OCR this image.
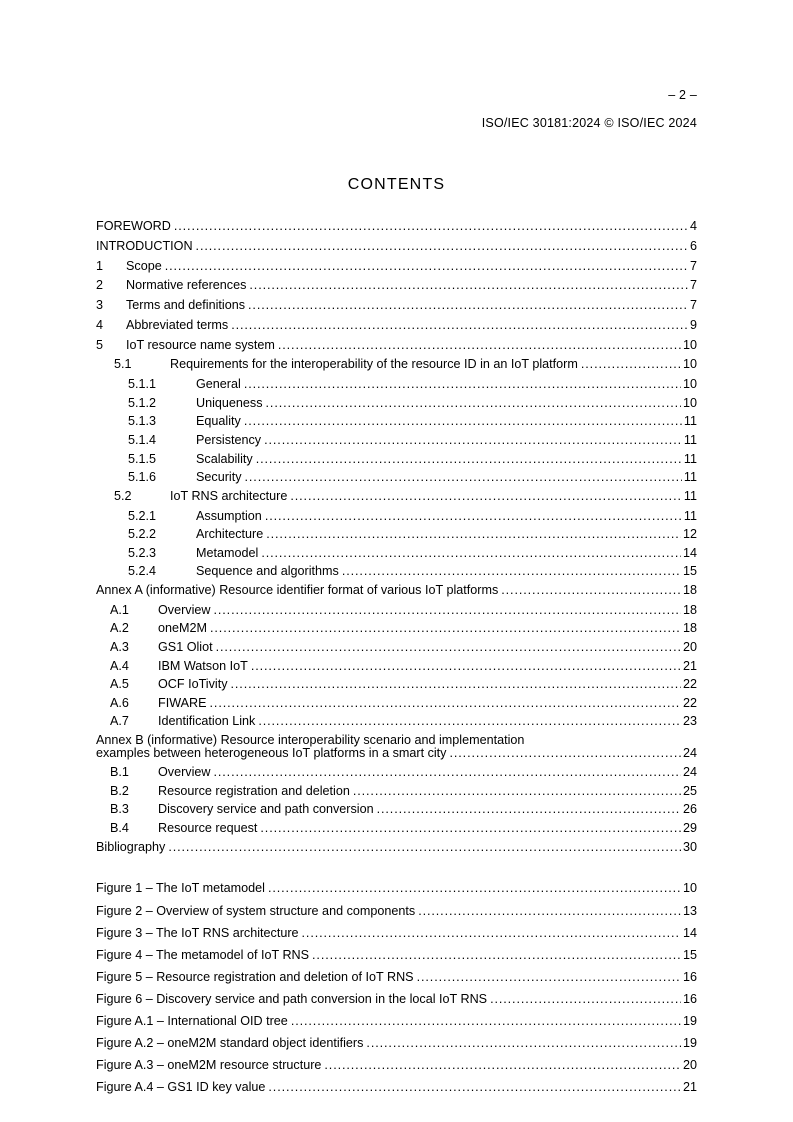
– 2 –

ISO/IEC 30181:2024 © ISO/IEC 2024

CONTENTS
FOREWORD .....	4
INTRODUCTION .....	6
1	Scope .....	7
2	Normative references .....	7
3	Terms and definitions .....	7
4	Abbreviated terms .....	9
5	IoT resource name system .....	10
5.1	Requirements for the interoperability of the resource ID in an IoT platform .....	10
5.1.1	General .....	10
5.1.2	Uniqueness .....	10
5.1.3	Equality .....	11
5.1.4	Persistency .....	11
5.1.5	Scalability .....	11
5.1.6	Security .....	11
5.2	IoT RNS architecture .....	11
5.2.1	Assumption .....	11
5.2.2	Architecture .....	12
5.2.3	Metamodel .....	14
5.2.4	Sequence and algorithms .....	15
Annex A (informative) Resource identifier format of various IoT platforms .....	18
A.1	Overview .....	18
A.2	oneM2M .....	18
A.3	GS1 Oliot .....	20
A.4	IBM Watson IoT .....	21
A.5	OCF IoTivity .....	22
A.6	FIWARE .....	22
A.7	Identification Link .....	23
Annex B (informative) Resource interoperability scenario and implementation
examples between heterogeneous IoT platforms in a smart city .....	24
B.1	Overview .....	24
B.2	Resource registration and deletion .....	25
B.3	Discovery service and path conversion .....	26
B.4	Resource request .....	29
Bibliography .....	30
Figure 1 – The IoT metamodel .....	10
Figure 2 – Overview of system structure and components .....	13
Figure 3 – The IoT RNS architecture .....	14
Figure 4 – The metamodel of IoT RNS .....	15
Figure 5 – Resource registration and deletion of IoT RNS .....	16
Figure 6 – Discovery service and path conversion in the local IoT RNS .....	16
Figure A.1 – International OID tree .....	19
Figure A.2 – oneM2M standard object identifiers .....	19
Figure A.3 – oneM2M resource structure .....	20
Figure A.4 – GS1 ID key value .....	21
